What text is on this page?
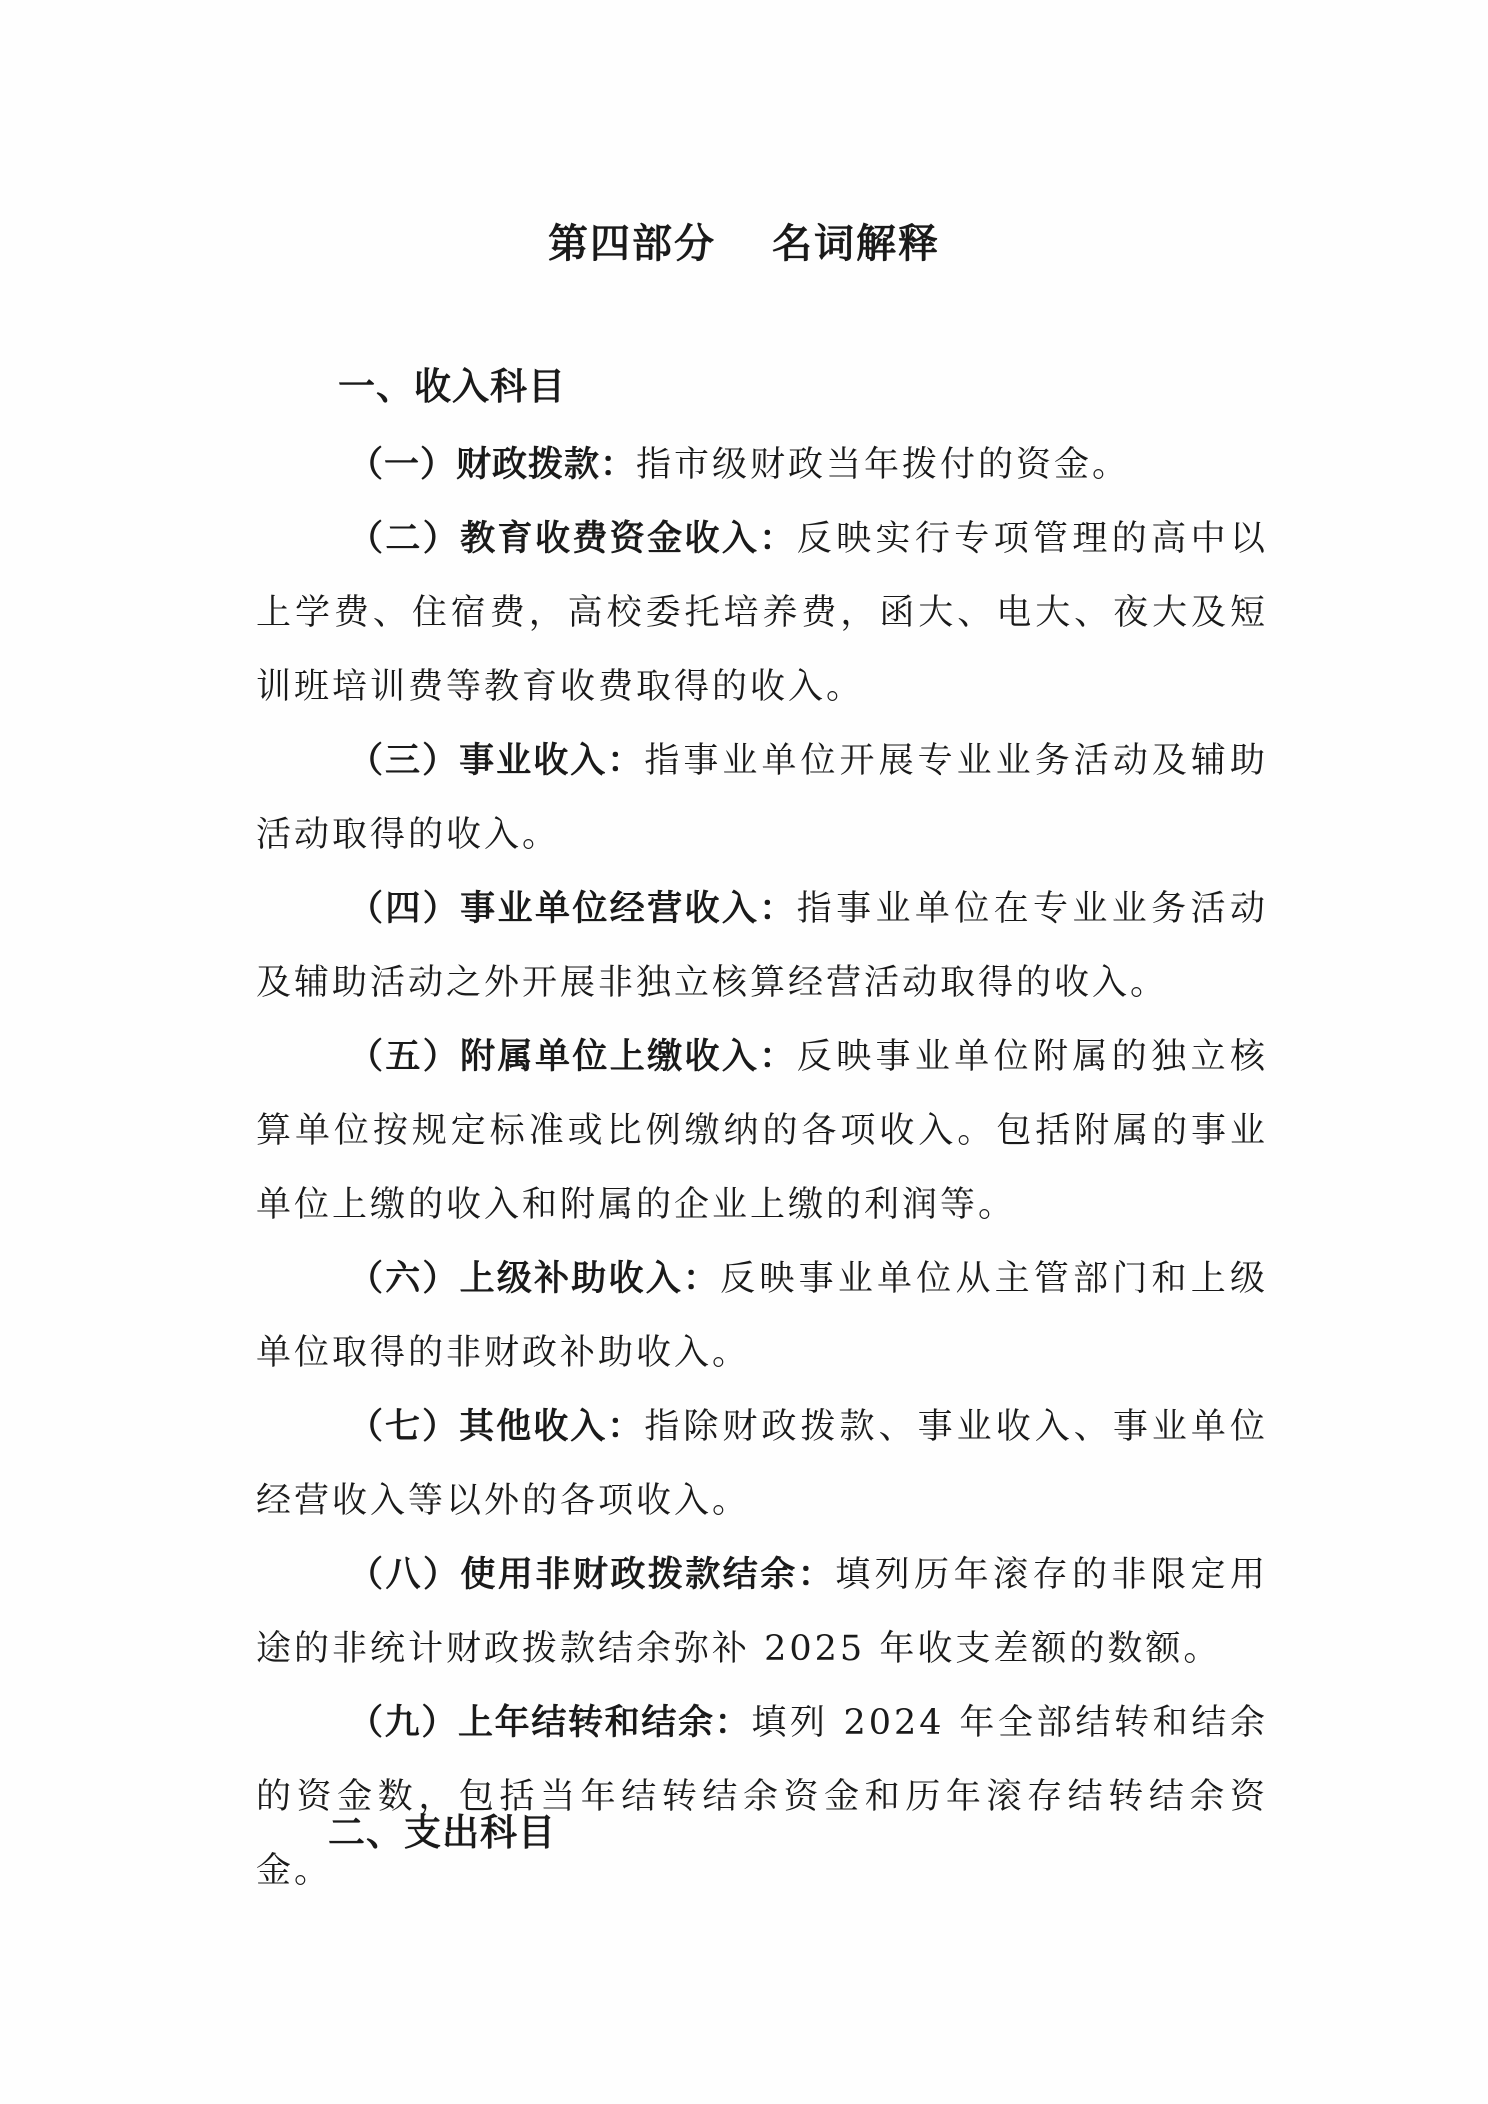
第四部分 名词解释
一、收入科目

（一）财政拨款：指市级财政当年拨付的资金。

（二）教育收费资金收入：反映实行专项管理的高中以上学费、住宿费，高校委托培养费，函大、电大、夜大及短训班培训费等教育收费取得的收入。

（三）事业收入：指事业单位开展专业业务活动及辅助活动取得的收入。

（四）事业单位经营收入：指事业单位在专业业务活动及辅助活动之外开展非独立核算经营活动取得的收入。

（五）附属单位上缴收入：反映事业单位附属的独立核算单位按规定标准或比例缴纳的各项收入。包括附属的事业单位上缴的收入和附属的企业上缴的利润等。

（六）上级补助收入：反映事业单位从主管部门和上级单位取得的非财政补助收入。

（七）其他收入：指除财政拨款、事业收入、事业单位经营收入等以外的各项收入。

（八）使用非财政拨款结余：填列历年滚存的非限定用途的非统计财政拨款结余弥补 2025 年收支差额的数额。

（九）上年结转和结余：填列 2024 年全部结转和结余的资金数，包括当年结转结余资金和历年滚存结转结余资金。

二、支出科目
